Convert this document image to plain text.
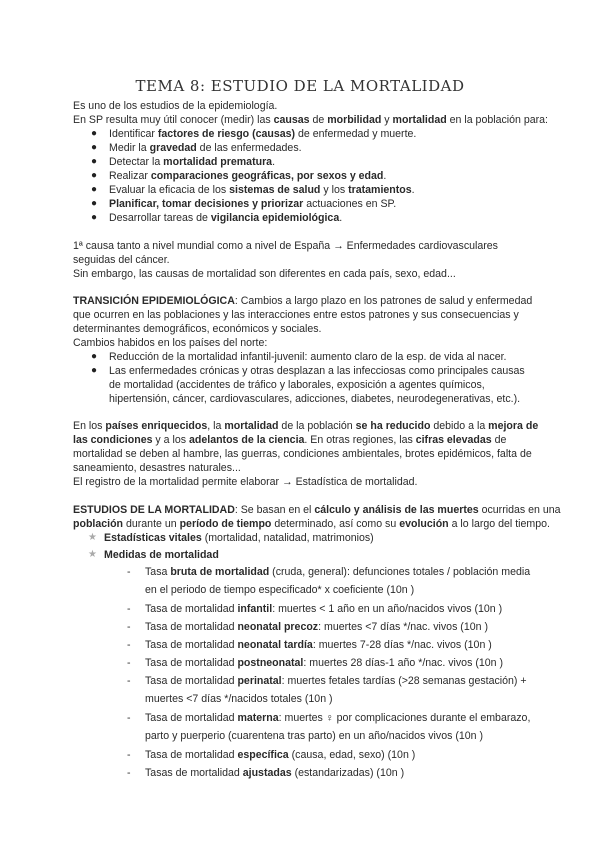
TEMA 8: ESTUDIO DE LA MORTALIDAD
Es uno de los estudios de la epidemiología.
En SP resulta muy útil conocer (medir) las causas de morbilidad y mortalidad en la población para:
● Identificar factores de riesgo (causas) de enfermedad y muerte.
● Medir la gravedad de las enfermedades.
● Detectar la mortalidad prematura.
● Realizar comparaciones geográficas, por sexos y edad.
● Evaluar la eficacia de los sistemas de salud y los tratamientos.
● Planificar, tomar decisiones y priorizar actuaciones en SP.
● Desarrollar tareas de vigilancia epidemiológica.
1ª causa tanto a nivel mundial como a nivel de España → Enfermedades cardiovasculares
seguidas del cáncer.
Sin embargo, las causas de mortalidad son diferentes en cada país, sexo, edad...
TRANSICIÓN EPIDEMIOLÓGICA: Cambios a largo plazo en los patrones de salud y enfermedad
que ocurren en las poblaciones y las interacciones entre estos patrones y sus consecuencias y
determinantes demográficos, económicos y sociales.
Cambios habidos en los países del norte:
● Reducción de la mortalidad infantil-juvenil: aumento claro de la esp. de vida al nacer.
● Las enfermedades crónicas y otras desplazan a las infecciosas como principales causas
de mortalidad (accidentes de tráfico y laborales, exposición a agentes químicos,
hipertensión, cáncer, cardiovasculares, adicciones, diabetes, neurodegenerativas, etc.).
En los países enriquecidos, la mortalidad de la población se ha reducido debido a la mejora de
las condiciones y a los adelantos de la ciencia. En otras regiones, las cifras elevadas de
mortalidad se deben al hambre, las guerras, condiciones ambientales, brotes epidémicos, falta de
saneamiento, desastres naturales...
El registro de la mortalidad permite elaborar → Estadística de mortalidad.
ESTUDIOS DE LA MORTALIDAD: Se basan en el cálculo y análisis de las muertes ocurridas en una
población durante un período de tiempo determinado, así como su evolución a lo largo del tiempo.
★ Estadísticas vitales (mortalidad, natalidad, matrimonios)
★ Medidas de mortalidad
- Tasa bruta de mortalidad (cruda, general): defunciones totales / población media
en el periodo de tiempo especificado* x coeficiente (10n )
- Tasa de mortalidad infantil: muertes < 1 año en un año/nacidos vivos (10n )
- Tasa de mortalidad neonatal precoz: muertes <7 días */nac. vivos (10n )
- Tasa de mortalidad neonatal tardía: muertes 7-28 días */nac. vivos (10n )
- Tasa de mortalidad postneonatal: muertes 28 días-1 año */nac. vivos (10n )
- Tasa de mortalidad perinatal: muertes fetales tardías (>28 semanas gestación) +
muertes <7 días */nacidos totales (10n )
- Tasa de mortalidad materna: muertes ♀ por complicaciones durante el embarazo,
parto y puerperio (cuarentena tras parto) en un año/nacidos vivos (10n )
- Tasa de mortalidad específica (causa, edad, sexo) (10n )
- Tasas de mortalidad ajustadas (estandarizadas) (10n )
